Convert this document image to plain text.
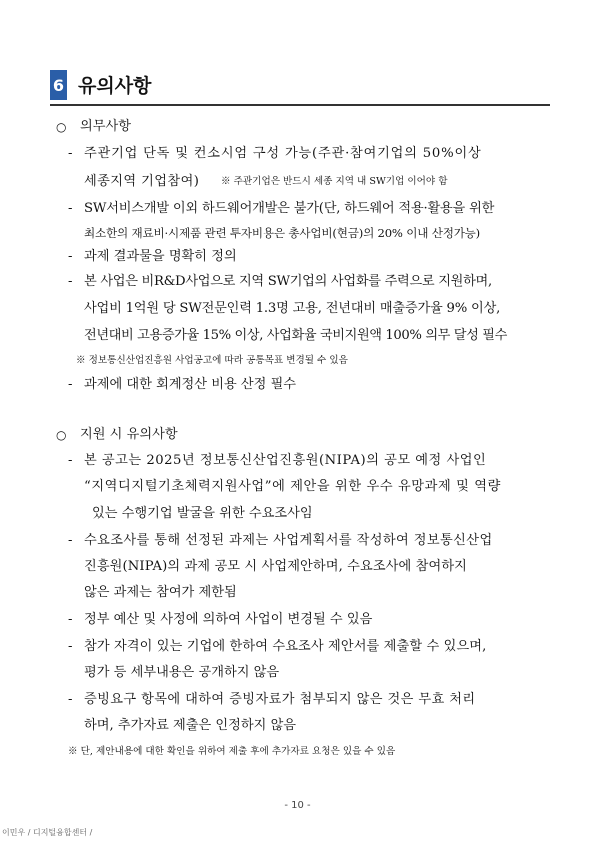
6 유의사항
○ 의무사항
- 주관기업 단독 및 컨소시엄 구성 가능(주관·참여기업의 50%이상
세종지역 기업참여) ※ 주관기업은 반드시 세종 지역 내 SW기업 이어야 함
- SW서비스개발 이외 하드웨어개발은 불가(단, 하드웨어 적용·활용을 위한
최소한의 재료비·시제품 관련 투자비용은 총사업비(현금)의 20% 이내 산정가능)
- 과제 결과물을 명확히 정의
- 본 사업은 비R&D사업으로 지역 SW기업의 사업화를 주력으로 지원하며,
사업비 1억원 당 SW전문인력 1.3명 고용, 전년대비 매출증가율 9% 이상,
전년대비 고용증가율 15% 이상, 사업화율 국비지원액 100% 의무 달성 필수
※ 정보통신산업진흥원 사업공고에 따라 공통목표 변경될 수 있음
- 과제에 대한 회계정산 비용 산정 필수
○ 지원 시 유의사항
- 본 공고는 2025년 정보통신산업진흥원(NIPA)의 공모 예정 사업인
“지역디지털기초체력지원사업”에 제안을 위한 우수 유망과제 및 역량
있는 수행기업 발굴을 위한 수요조사임
- 수요조사를 통해 선정된 과제는 사업계획서를 작성하여 정보통신산업
진흥원(NIPA)의 과제 공모 시 사업제안하며, 수요조사에 참여하지
않은 과제는 참여가 제한됨
- 정부 예산 및 사정에 의하여 사업이 변경될 수 있음
- 참가 자격이 있는 기업에 한하여 수요조사 제안서를 제출할 수 있으며,
평가 등 세부내용은 공개하지 않음
- 증빙요구 항목에 대하여 증빙자료가 첨부되지 않은 것은 무효 처리
하며, 추가자료 제출은 인정하지 않음
※ 단, 제안내용에 대한 확인을 위하여 제출 후에 추가자료 요청은 있을 수 있음
- 10 -
이민우 / 디지털융합센터 /
